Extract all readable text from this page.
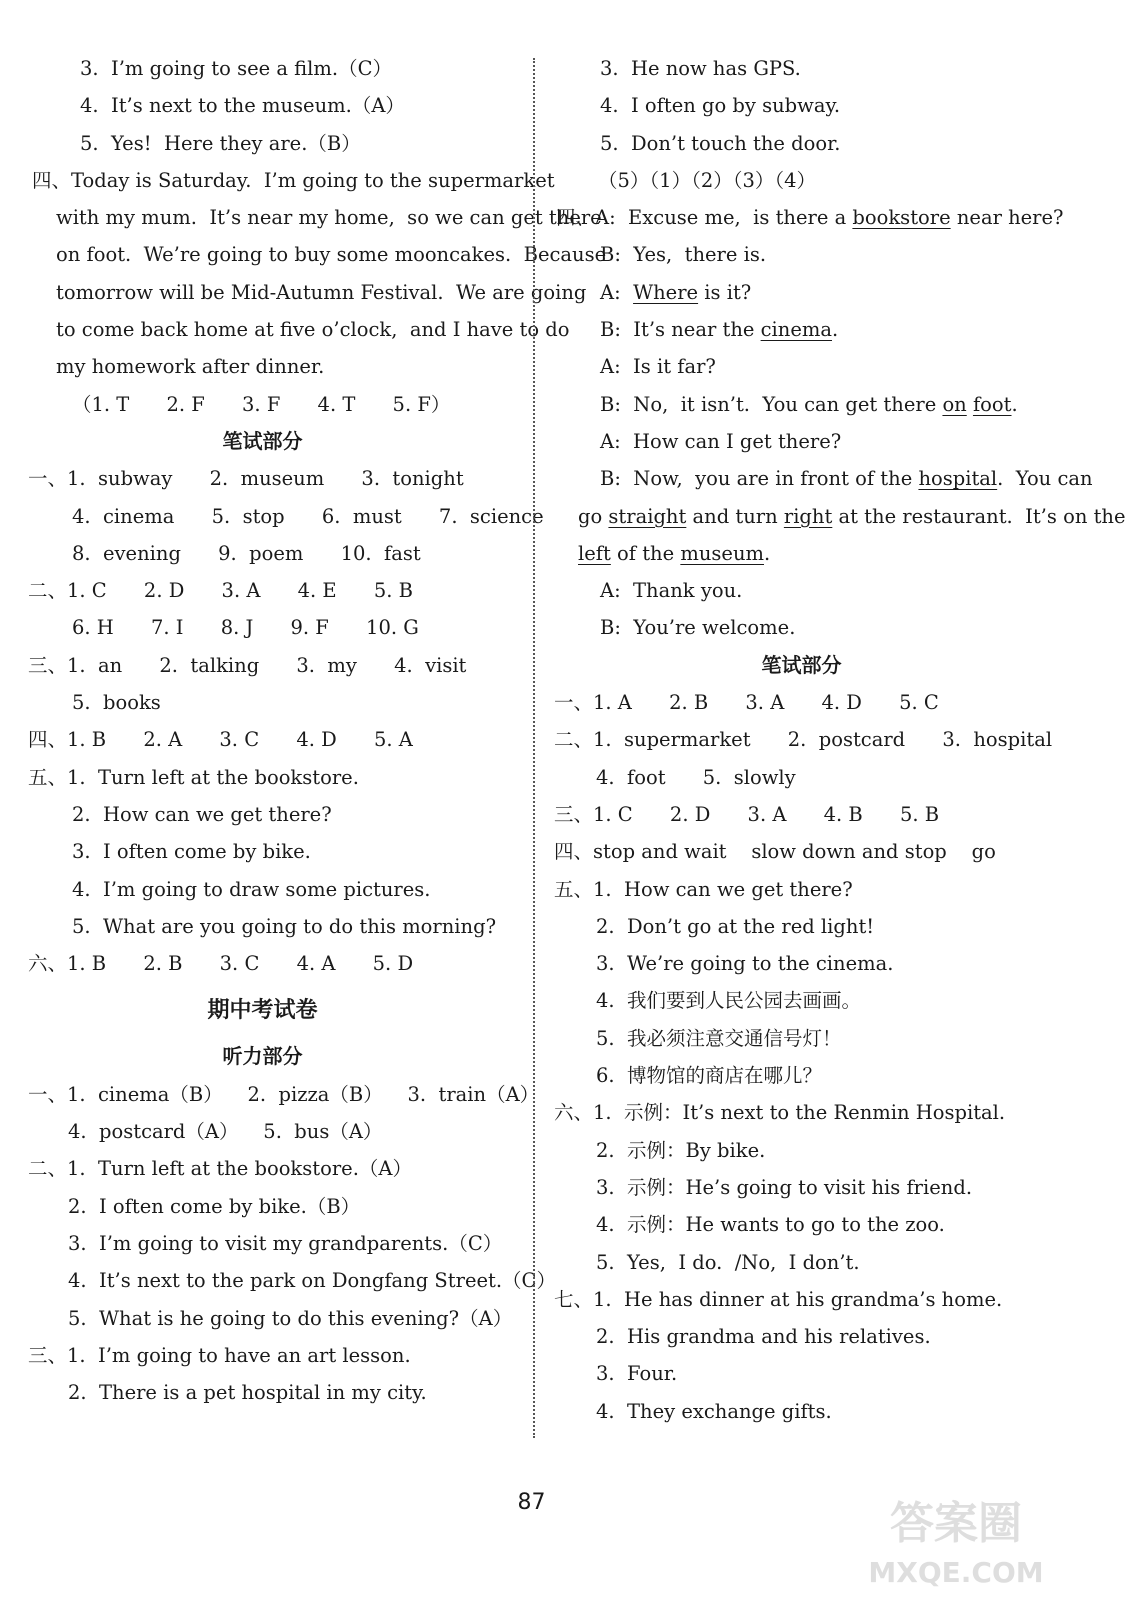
3.  I’m going to see a film.（C）
4.  It’s next to the museum.（A）
5.  Yes!  Here they are.（B）
四、Today is Saturday.  I’m going to the supermarket
with my mum.  It’s near my home,  so we can get there
on foot.  We’re going to buy some mooncakes.  Because
tomorrow will be Mid-Autumn Festival.  We are going
to come back home at five o’clock,  and I have to do
my homework after dinner.
（1. T      2. F      3. F      4. T      5. F）
笔试部分
一、1.  subway      2.  museum      3.  tonight
4.  cinema      5.  stop      6.  must      7.  science
8.  evening      9.  poem      10.  fast
二、1. C      2. D      3. A      4. E      5. B
6. H      7. I      8. J      9. F      10. G
三、1.  an      2.  talking      3.  my      4.  visit
5.  books
四、1. B      2. A      3. C      4. D      5. A
五、1.  Turn left at the bookstore.
2.  How can we get there?
3.  I often come by bike.
4.  I’m going to draw some pictures.
5.  What are you going to do this morning?
六、1. B      2. B      3. C      4. A      5. D
期中考试卷
听力部分
一、1.  cinema（B）    2.  pizza（B）    3.  train（A）
4.  postcard（A）    5.  bus（A）
二、1.  Turn left at the bookstore.（A）
2.  I often come by bike.（B）
3.  I’m going to visit my grandparents.（C）
4.  It’s next to the park on Dongfang Street.（C）
5.  What is he going to do this evening?（A）
三、1.  I’m going to have an art lesson.
2.  There is a pet hospital in my city.
3.  He now has GPS.
4.  I often go by subway.
5.  Don’t touch the door.
（5）（1）（2）（3）（4）
四、A:  Excuse me,  is there a bookstore near here?
B:  Yes,  there is.
A:  Where is it?
B:  It’s near the cinema.
A:  Is it far?
B:  No,  it isn’t.  You can get there on foot.
A:  How can I get there?
B:  Now,  you are in front of the hospital.  You can
go straight and turn right at the restaurant.  It’s on the
left of the museum.
A:  Thank you.
B:  You’re welcome.
笔试部分
一、1. A      2. B      3. A      4. D      5. C
二、1.  supermarket      2.  postcard      3.  hospital
4.  foot      5.  slowly
三、1. C      2. D      3. A      4. B      5. B
四、stop and wait    slow down and stop    go
五、1.  How can we get there?
2.  Don’t go at the red light!
3.  We’re going to the cinema.
4.  我们要到人民公园去画画。
5.  我必须注意交通信号灯！
6.  博物馆的商店在哪儿？
六、1.  示例：It’s next to the Renmin Hospital.
2.  示例：By bike.
3.  示例：He’s going to visit his friend.
4.  示例：He wants to go to the zoo.
5.  Yes,  I do.  /No,  I don’t.
七、1.  He has dinner at his grandma’s home.
2.  His grandma and his relatives.
3.  Four.
4.  They exchange gifts.
87	答案圈
MXQE.COM
